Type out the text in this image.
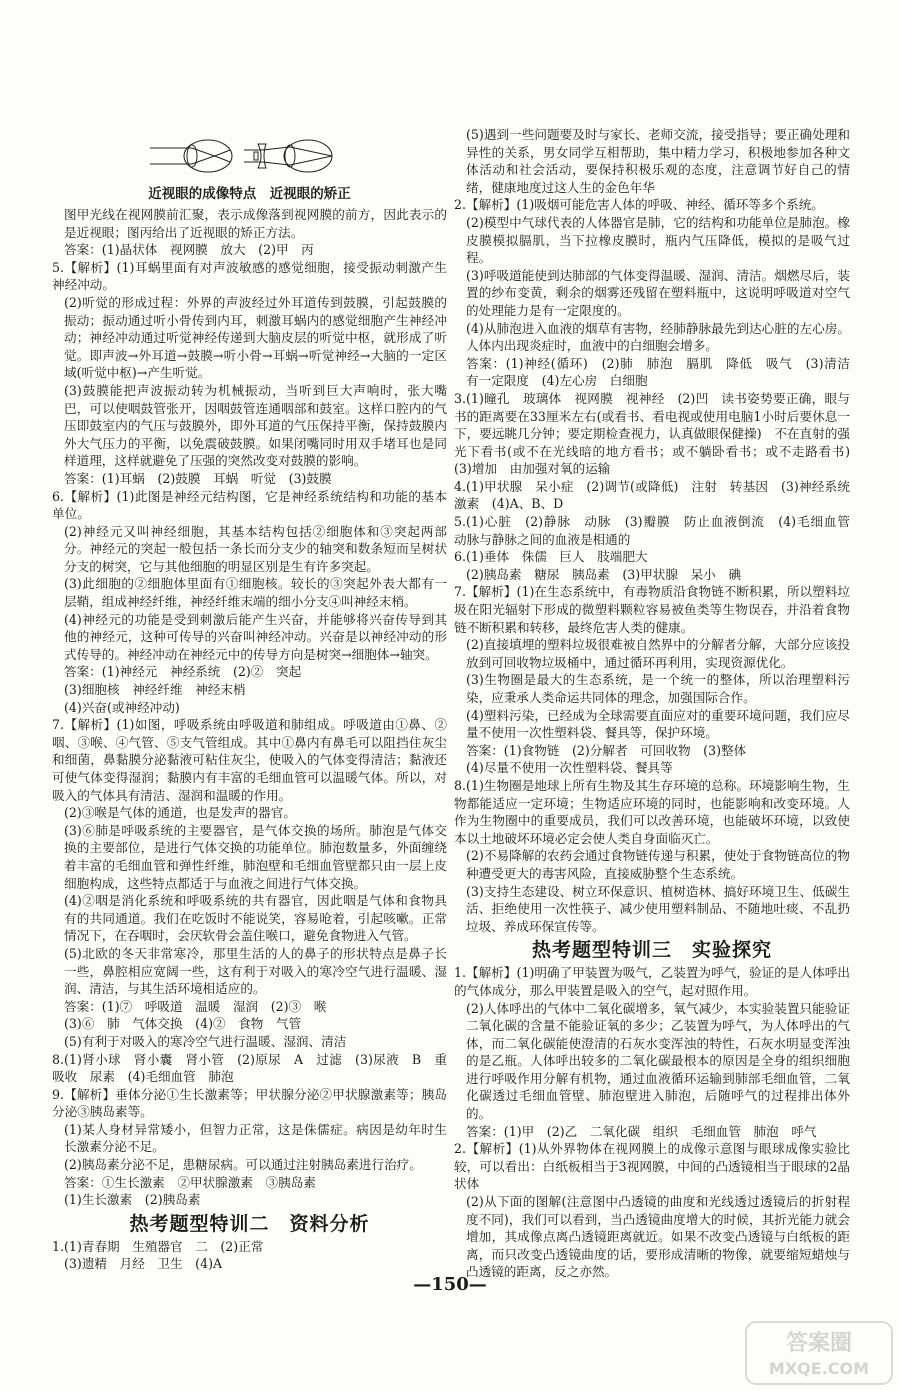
近视眼的成像特点　近视眼的矫正

图甲光线在视网膜前汇聚，表示成像落到视网膜的前方，因此表示的是近视眼；图丙给出了近视眼的矫正方法。

答案：(1)晶状体　视网膜　放大　(2)甲　丙

5.【解析】(1)耳蜗里面有对声波敏感的感觉细胞，接受振动刺激产生神经冲动。

(2)听觉的形成过程：外界的声波经过外耳道传到鼓膜，引起鼓膜的振动；振动通过听小骨传到内耳，刺激耳蜗内的感觉细胞产生神经冲动；神经冲动通过听觉神经传递到大脑皮层的听觉中枢，就形成了听觉。即声波→外耳道→鼓膜→听小骨→耳蜗→听觉神经→大脑的一定区域(听觉中枢)→产生听觉。

(3)鼓膜能把声波振动转为机械振动，当听到巨大声响时，张大嘴巴，可以使咽鼓管张开，因咽鼓管连通咽部和鼓室。这样口腔内的气压即鼓室内的气压与鼓膜外，即外耳道的气压保持平衡，保持鼓膜内外大气压力的平衡，以免震破鼓膜。如果闭嘴同时用双手堵耳也是同样道理，这样就避免了压强的突然改变对鼓膜的影响。

答案：(1)耳蜗　(2)鼓膜　耳蜗　听觉　(3)鼓膜

6.【解析】(1)此图是神经元结构图，它是神经系统结构和功能的基本单位。

(2)神经元又叫神经细胞，其基本结构包括②细胞体和③突起两部分。神经元的突起一般包括一条长而分支少的轴突和数条短而呈树状分支的树突，它与其他细胞的明显区别是生有许多突起。

(3)此细胞的②细胞体里面有①细胞核。较长的③突起外表大都有一层鞘，组成神经纤维，神经纤维末端的细小分支④叫神经末梢。

(4)神经元的功能是受到刺激后能产生兴奋，并能够将兴奋传导到其他的神经元，这种可传导的兴奋叫神经冲动。兴奋是以神经冲动的形式传导的。神经冲动在神经元中的传导方向是树突→细胞体→轴突。

答案：(1)神经元　神经系统　(2)②　突起

(3)细胞核　神经纤维　神经末梢

(4)兴奋(或神经冲动)

7.【解析】(1)如图，呼吸系统由呼吸道和肺组成。呼吸道由①鼻、②咽、③喉、④气管、⑤支气管组成。其中①鼻内有鼻毛可以阻挡住灰尘和细菌，鼻黏膜分泌黏液可粘住灰尘，使吸入的气体变得清洁；黏液还可使气体变得湿润；黏膜内有丰富的毛细血管可以温暖气体。所以，对吸入的气体具有清洁、湿润和温暖的作用。

(2)③喉是气体的通道，也是发声的器官。

(3)⑥肺是呼吸系统的主要器官，是气体交换的场所。肺泡是气体交换的主要部位，是进行气体交换的功能单位。肺泡数量多，外面缠绕着丰富的毛细血管和弹性纤维，肺泡壁和毛细血管壁都只由一层上皮细胞构成，这些特点都适于与血液之间进行气体交换。

(4)②咽是消化系统和呼吸系统的共有器官，因此咽是气体和食物具有的共同通道。我们在吃饭时不能说笑，容易呛着，引起咳嗽。正常情况下，在吞咽时，会厌软骨会盖住喉口，避免食物进入气管。

(5)北欧的冬天非常寒冷，那里生活的人的鼻子的形状特点是鼻子长一些，鼻腔相应宽阔一些，这有利于对吸入的寒冷空气进行温暖、湿润、清洁，与其生活环境相适应的。

答案：(1)⑦　呼吸道　温暖　湿润　(2)③　喉

(3)⑥　肺　气体交换　(4)②　食物　气管

(5)有利于对吸入的寒冷空气进行温暖、湿润、清洁

8.(1)肾小球　肾小囊　肾小管　(2)原尿　A　过滤　(3)尿液　B　重吸收　尿素　(4)毛细血管　肺泡

9.【解析】垂体分泌①生长激素等；甲状腺分泌②甲状腺激素等；胰岛分泌③胰岛素等。

(1)某人身材异常矮小，但智力正常，这是侏儒症。病因是幼年时生长激素分泌不足。

(2)胰岛素分泌不足，患糖尿病。可以通过注射胰岛素进行治疗。

答案：①生长激素　②甲状腺激素　③胰岛素

(1)生长激素　(2)胰岛素

热考题型特训二　资料分析

1.(1)青春期　生殖器官　二　(2)正常

(3)遗精　月经　卫生　(4)A

(5)遇到一些问题要及时与家长、老师交流，接受指导；要正确处理和异性的关系，男女同学互相帮助，集中精力学习，积极地参加各种文体活动和社会活动，要保持积极乐观的态度，注意调节好自己的情绪，健康地度过这人生的金色年华

2.【解析】(1)吸烟可能危害人体的呼吸、神经、循环等多个系统。

(2)模型中气球代表的人体器官是肺，它的结构和功能单位是肺泡。橡皮膜模拟膈肌，当下拉橡皮膜时，瓶内气压降低，模拟的是吸气过程。

(3)呼吸道能使到达肺部的气体变得温暖、湿润、清洁。烟燃尽后，装置的纱布变黄，剩余的烟雾还残留在塑料瓶中，这说明呼吸道对空气的处理能力是有一定限度的。

(4)从肺泡进入血液的烟草有害物，经肺静脉最先到达心脏的左心房。人体内出现炎症时，血液中的白细胞会增多。

答案：(1)神经(循环)　(2)肺　肺泡　膈肌　降低　吸气　(3)清洁　有一定限度　(4)左心房　白细胞

3.(1)瞳孔　玻璃体　视网膜　视神经　(2)凹　读书姿势要正确，眼与书的距离要在33厘米左右(或看书、看电视或使用电脑1小时后要休息一下，要远眺几分钟；要定期检查视力，认真做眼保健操)　不在直射的强光下看书(或不在光线暗的地方看书；或不躺卧看书；或不走路看书)　(3)增加　由加强对氧的运输

4.(1)甲状腺　呆小症　(2)调节(或降低)　注射　转基因　(3)神经系统　激素　(4)A、B、D

5.(1)心脏　(2)静脉　动脉　(3)瓣膜　防止血液倒流　(4)毛细血管　动脉与静脉之间的血液是相通的

6.(1)垂体　侏儒　巨人　肢端肥大

(2)胰岛素　糖尿　胰岛素　(3)甲状腺　呆小　碘

7.【解析】(1)在生态系统中，有毒物质沿食物链不断积累，所以塑料垃圾在阳光辐射下形成的微塑料颗粒容易被鱼类等生物误吞，并沿着食物链不断积累和转移，最终危害人类的健康。

(2)直接填埋的塑料垃圾很难被自然界中的分解者分解，大部分应该投放到可回收物垃圾桶中，通过循环再利用，实现资源优化。

(3)生物圈是最大的生态系统，是一个统一的整体，所以治理塑料污染，应秉承人类命运共同体的理念，加强国际合作。

(4)塑料污染，已经成为全球需要直面应对的重要环境问题，我们应尽量不使用一次性塑料袋、餐具等，保护环境。

答案：(1)食物链　(2)分解者　可回收物　(3)整体

(4)尽量不使用一次性塑料袋、餐具等

8.(1)生物圈是地球上所有生物及其生存环境的总称。环境影响生物，生物都能适应一定环境；生物适应环境的同时，也能影响和改变环境。人作为生物圈中的重要成员，我们可以改善环境，也能破坏环境，以致使本以土地破坏环境必定会使人类自身面临灭亡。

(2)不易降解的农药会通过食物链传递与积累，使处于食物链高位的物种遭受更大的毒害风险，直接威胁整个生态系统。

(3)支持生态建设、树立环保意识、植树造林、搞好环境卫生、低碳生活、拒绝使用一次性筷子、减少使用塑料制品、不随地吐痰、不乱扔垃圾、养成环保宣传等。

热考题型特训三　实验探究

1.【解析】(1)明确了甲装置为吸气，乙装置为呼气，验证的是人体呼出的气体成分，那么甲装置是吸入的空气，起对照作用。

(2)人体呼出的气体中二氧化碳增多，氧气减少，本实验装置只能验证二氧化碳的含量不能验证氧的多少；乙装置为呼气，为人体呼出的气体，而二氧化碳能使澄清的石灰水变浑浊的特性，石灰水明显变浑浊的是乙瓶。人体呼出较多的二氧化碳最根本的原因是全身的组织细胞进行呼吸作用分解有机物，通过血液循环运输到肺部毛细血管，二氧化碳透过毛细血管壁、肺泡壁进入肺泡，后随呼气的过程排出体外的。

答案：(1)甲　(2)乙　二氧化碳　组织　毛细血管　肺泡　呼气

2.【解析】(1)从外界物体在视网膜上的成像示意图与眼球成像实验比较，可以看出：白纸板相当于3视网膜，中间的凸透镜相当于眼球的2晶状体

(2)从下面的图解(注意图中凸透镜的曲度和光线透过透镜后的折射程度不同)，我们可以看到，当凸透镜曲度增大的时候，其折光能力就会增加，其成像点离凸透镜距离就近。如果不改变凸透镜与白纸板的距离，而只改变凸透镜曲度的话，要形成清晰的物像，就要缩短蜡烛与凸透镜的距离，反之亦然。

—150—
答案圈
MXQE.COM
